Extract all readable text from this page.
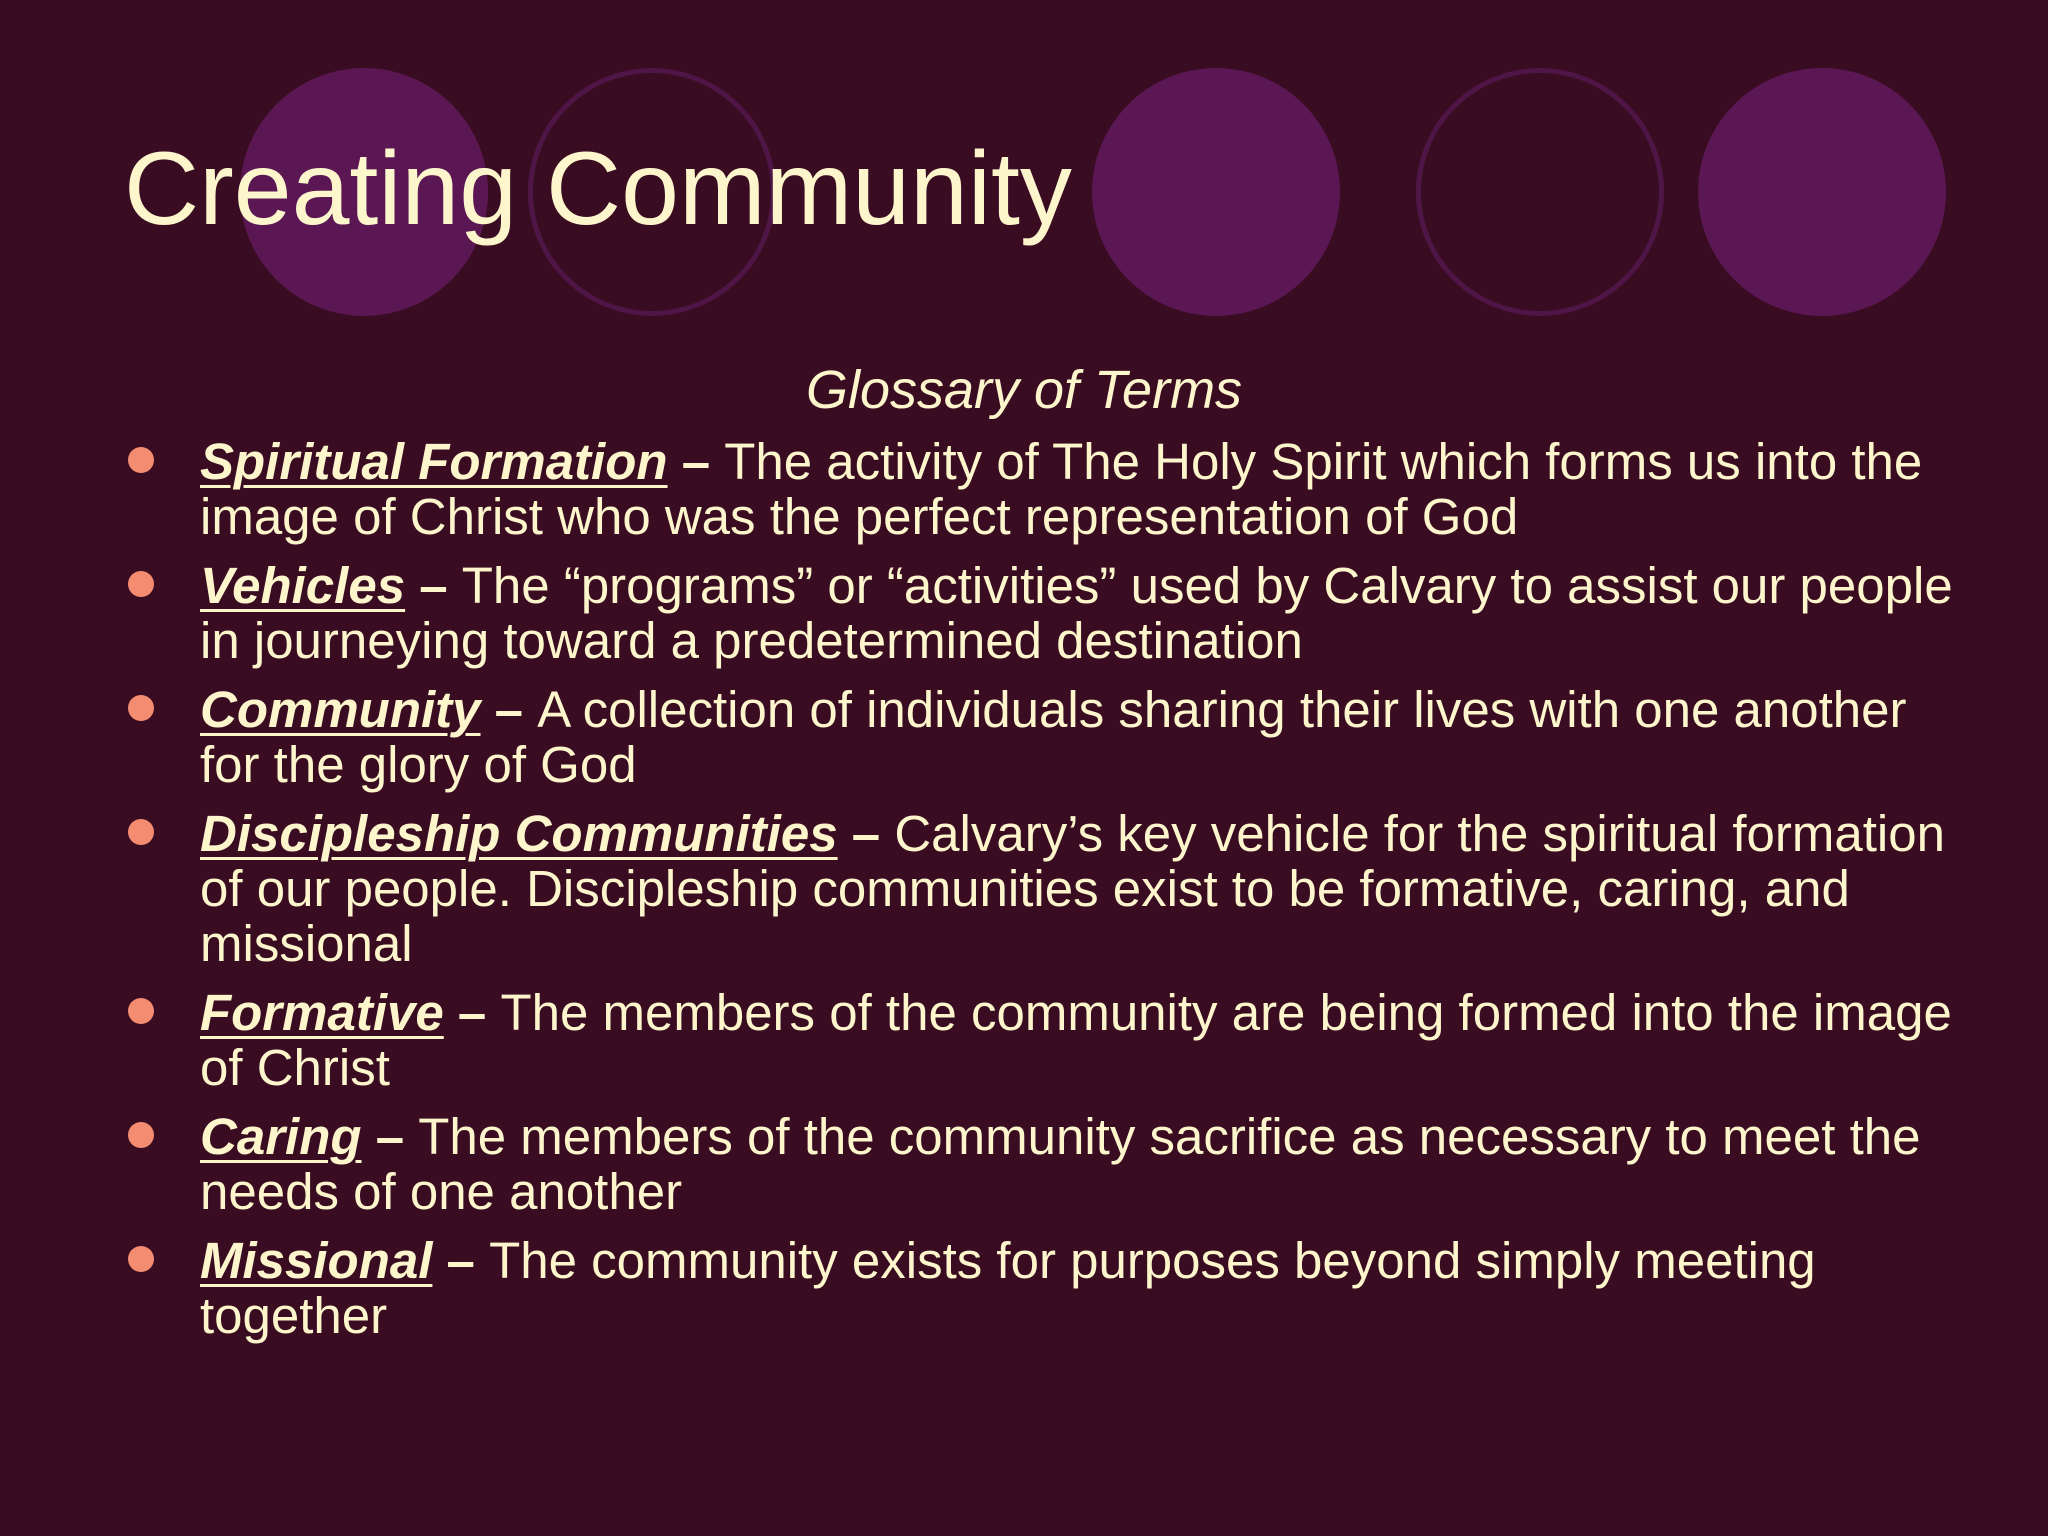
Creating Community
Glossary of Terms
Spiritual Formation – The activity of The Holy Spirit which forms us into the image of Christ who was the perfect representation of God
Vehicles – The “programs” or “activities” used by Calvary to assist our people in journeying toward a predetermined destination
Community – A collection of individuals sharing their lives with one another for the glory of God
Discipleship Communities – Calvary’s key vehicle for the spiritual formation of our people. Discipleship communities exist to be formative, caring, and missional
Formative – The members of the community are being formed into the image of Christ
Caring – The members of the community sacrifice as necessary to meet the needs of one another
Missional – The community exists for purposes beyond simply meeting together
